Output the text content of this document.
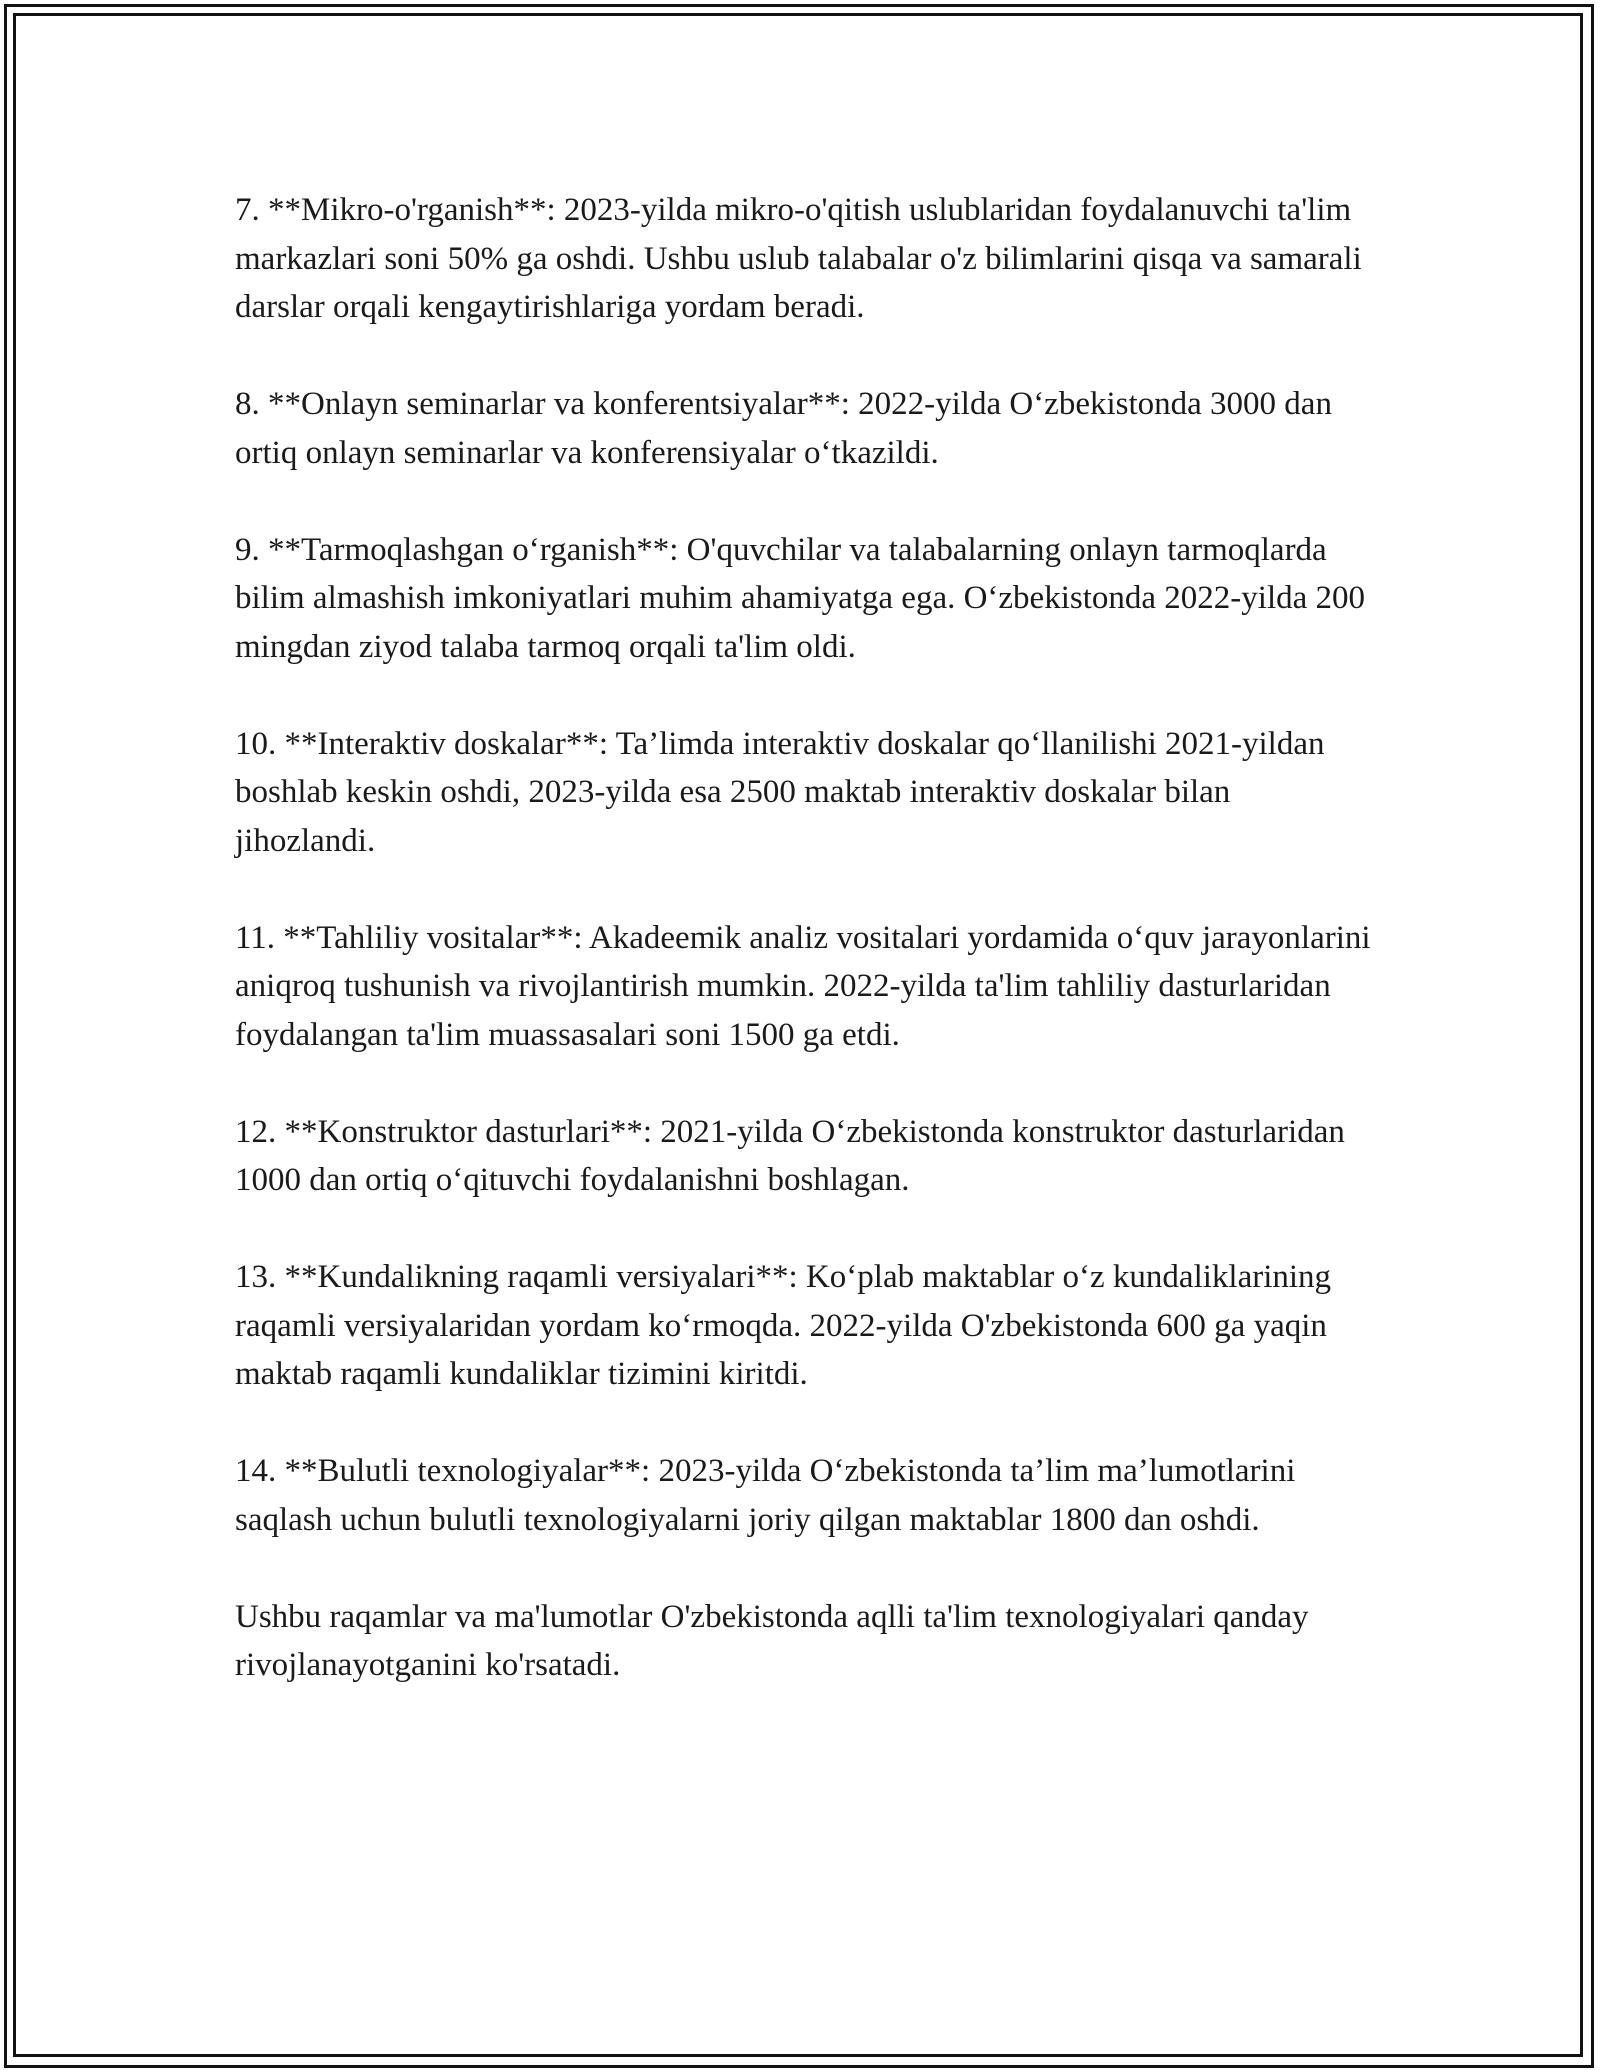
7. **Mikro-o'rganish**: 2023-yilda mikro-o'qitish uslublaridan foydalanuvchi ta'lim markazlari soni 50% ga oshdi. Ushbu uslub talabalar o'z bilimlarini qisqa va samarali darslar orqali kengaytirishlariga yordam beradi.

8. **Onlayn seminarlar va konferentsiyalar**: 2022-yilda O‘zbekistonda 3000 dan ortiq onlayn seminarlar va konferensiyalar o‘tkazildi.

9. **Tarmoqlashgan o‘rganish**: O'quvchilar va talabalarning onlayn tarmoqlarda bilim almashish imkoniyatlari muhim ahamiyatga ega. O‘zbekistonda 2022-yilda 200 mingdan ziyod talaba tarmoq orqali ta'lim oldi.

10. **Interaktiv doskalar**: Ta’limda interaktiv doskalar qo‘llanilishi 2021-yildan boshlab keskin oshdi, 2023-yilda esa 2500 maktab interaktiv doskalar bilan jihozlandi.

11. **Tahliliy vositalar**: Akadeemik analiz vositalari yordamida o‘quv jarayonlarini aniqroq tushunish va rivojlantirish mumkin. 2022-yilda ta'lim tahliliy dasturlaridan foydalangan ta'lim muassasalari soni 1500 ga etdi.

12. **Konstruktor dasturlari**: 2021-yilda O‘zbekistonda konstruktor dasturlaridan 1000 dan ortiq o‘qituvchi foydalanishni boshlagan.

13. **Kundalikning raqamli versiyalari**: Ko‘plab maktablar o‘z kundaliklarining raqamli versiyalaridan yordam ko‘rmoqda. 2022-yilda O'zbekistonda 600 ga yaqin maktab raqamli kundaliklar tizimini kiritdi.

14. **Bulutli texnologiyalar**: 2023-yilda O‘zbekistonda ta’lim ma’lumotlarini saqlash uchun bulutli texnologiyalarni joriy qilgan maktablar 1800 dan oshdi.

Ushbu raqamlar va ma'lumotlar O'zbekistonda aqlli ta'lim texnologiyalari qanday rivojlanayotganini ko'rsatadi.
